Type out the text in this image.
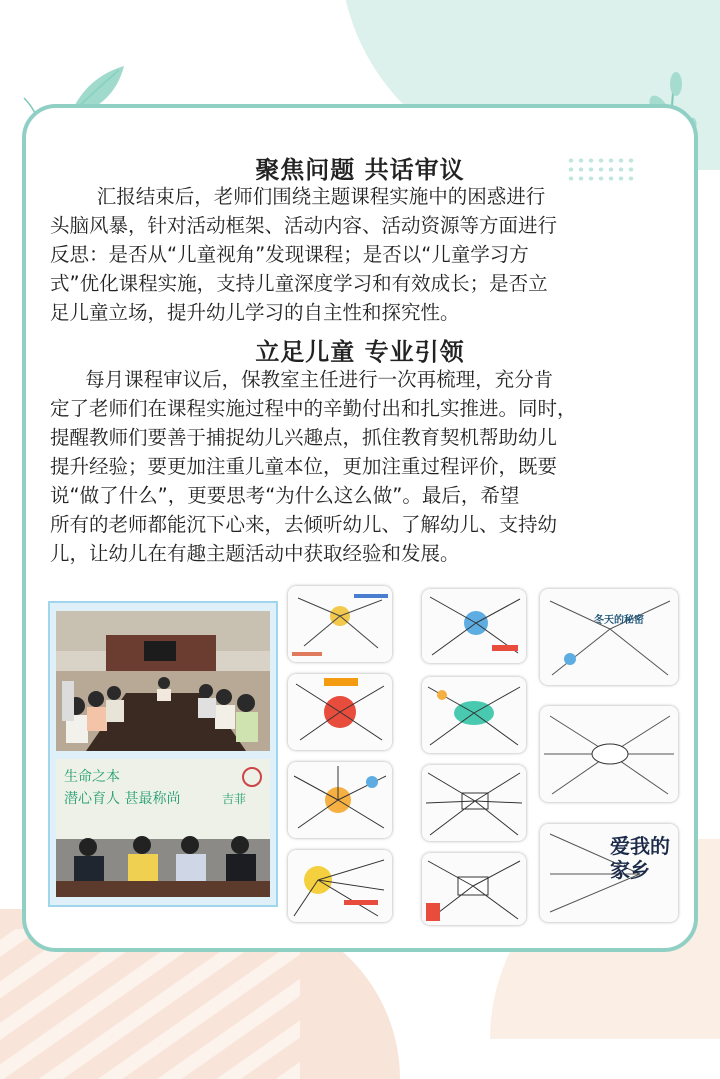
聚焦问题 共话审议
汇报结束后，老师们围绕主题课程实施中的困惑进行
头脑风暴，针对活动框架、活动内容、活动资源等方面进行
反思：是否从“儿童视角”发现课程；是否以“儿童学习方
式”优化课程实施，支持儿童深度学习和有效成长；是否立
足儿童立场，提升幼儿学习的自主性和探究性。
立足儿童 专业引领
每月课程审议后，保教室主任进行一次再梳理，充分肯
定了老师们在课程实施过程中的辛勤付出和扎实推进。同时，
提醒教师们要善于捕捉幼儿兴趣点，抓住教育契机帮助幼儿
提升经验；要更加注重儿童本位，更加注重过程评价，既要
说“做了什么”，更要思考“为什么这么做”。最后，希望
所有的老师都能沉下心来，去倾听幼儿、了解幼儿、支持幼
儿，让幼儿在有趣主题活动中获取经验和发展。
生命之本
潜心育人 甚最称尚	吉菲
冬天的秘密
爱我的家乡
